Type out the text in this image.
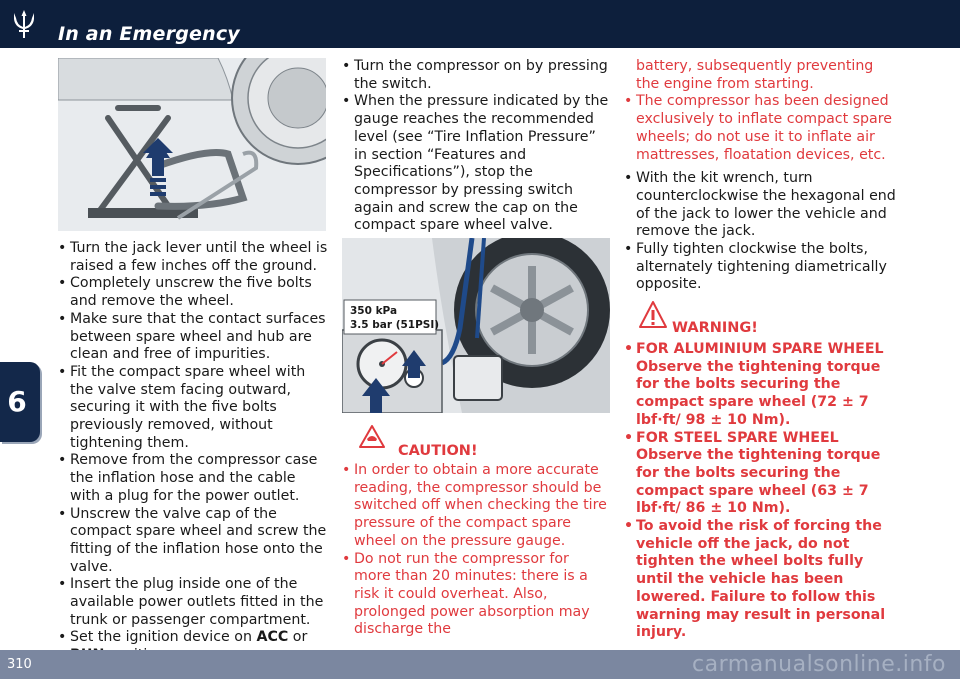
In an Emergency
6
• Turn the jack lever until the wheel is raised a few inches off the ground.
• Completely unscrew the five bolts and remove the wheel.
• Make sure that the contact surfaces between spare wheel and hub are clean and free of impurities.
• Fit the compact spare wheel with the valve stem facing outward, securing it with the five bolts previously removed, without tightening them.
• Remove from the compressor case the inflation hose and the cable with a plug for the power outlet.
• Unscrew the valve cap of the compact spare wheel and screw the fitting of the inflation hose onto the valve.
• Insert the plug inside one of the available power outlets fitted in the trunk or passenger compartment.
• Set the ignition device on ACC or
• Turn the compressor on by pressing the switch.
• When the pressure indicated by the gauge reaches the recommended level (see “Tire Inflation Pressure” in section “Features and Specifications”), stop the compressor by pressing switch again and screw the cap on the compact spare wheel valve.
350 kPa
3.5 bar (51PSI)
CAUTION!
• In order to obtain a more accurate reading, the compressor should be switched off when checking the tire pressure of the compact spare wheel on the pressure gauge.
• Do not run the compressor for more than 20 minutes: there is a risk it could overheat. Also, prolonged power absorption may discharge the
battery, subsequently preventing the engine from starting.
• The compressor has been designed exclusively to inflate compact spare wheels; do not use it to inflate air mattresses, floatation devices, etc.
• With the kit wrench, turn counterclockwise the hexagonal end of the jack to lower the vehicle and remove the jack.
• Fully tighten clockwise the bolts, alternately tightening diametrically opposite.
WARNING!
• FOR ALUMINIUM SPARE WHEEL Observe the tightening torque for the bolts securing the compact spare wheel (72 ± 7 lbf·ft/ 98 ± 10 Nm).
• FOR STEEL SPARE WHEEL Observe the tightening torque for the bolts securing the compact spare wheel (63 ± 7 lbf·ft/ 86 ± 10 Nm).
• To avoid the risk of forcing the vehicle off the jack, do not tighten the wheel bolts fully until the vehicle has been lowered. Failure to follow this warning may result in personal injury.
310	carmanualsonline.info
